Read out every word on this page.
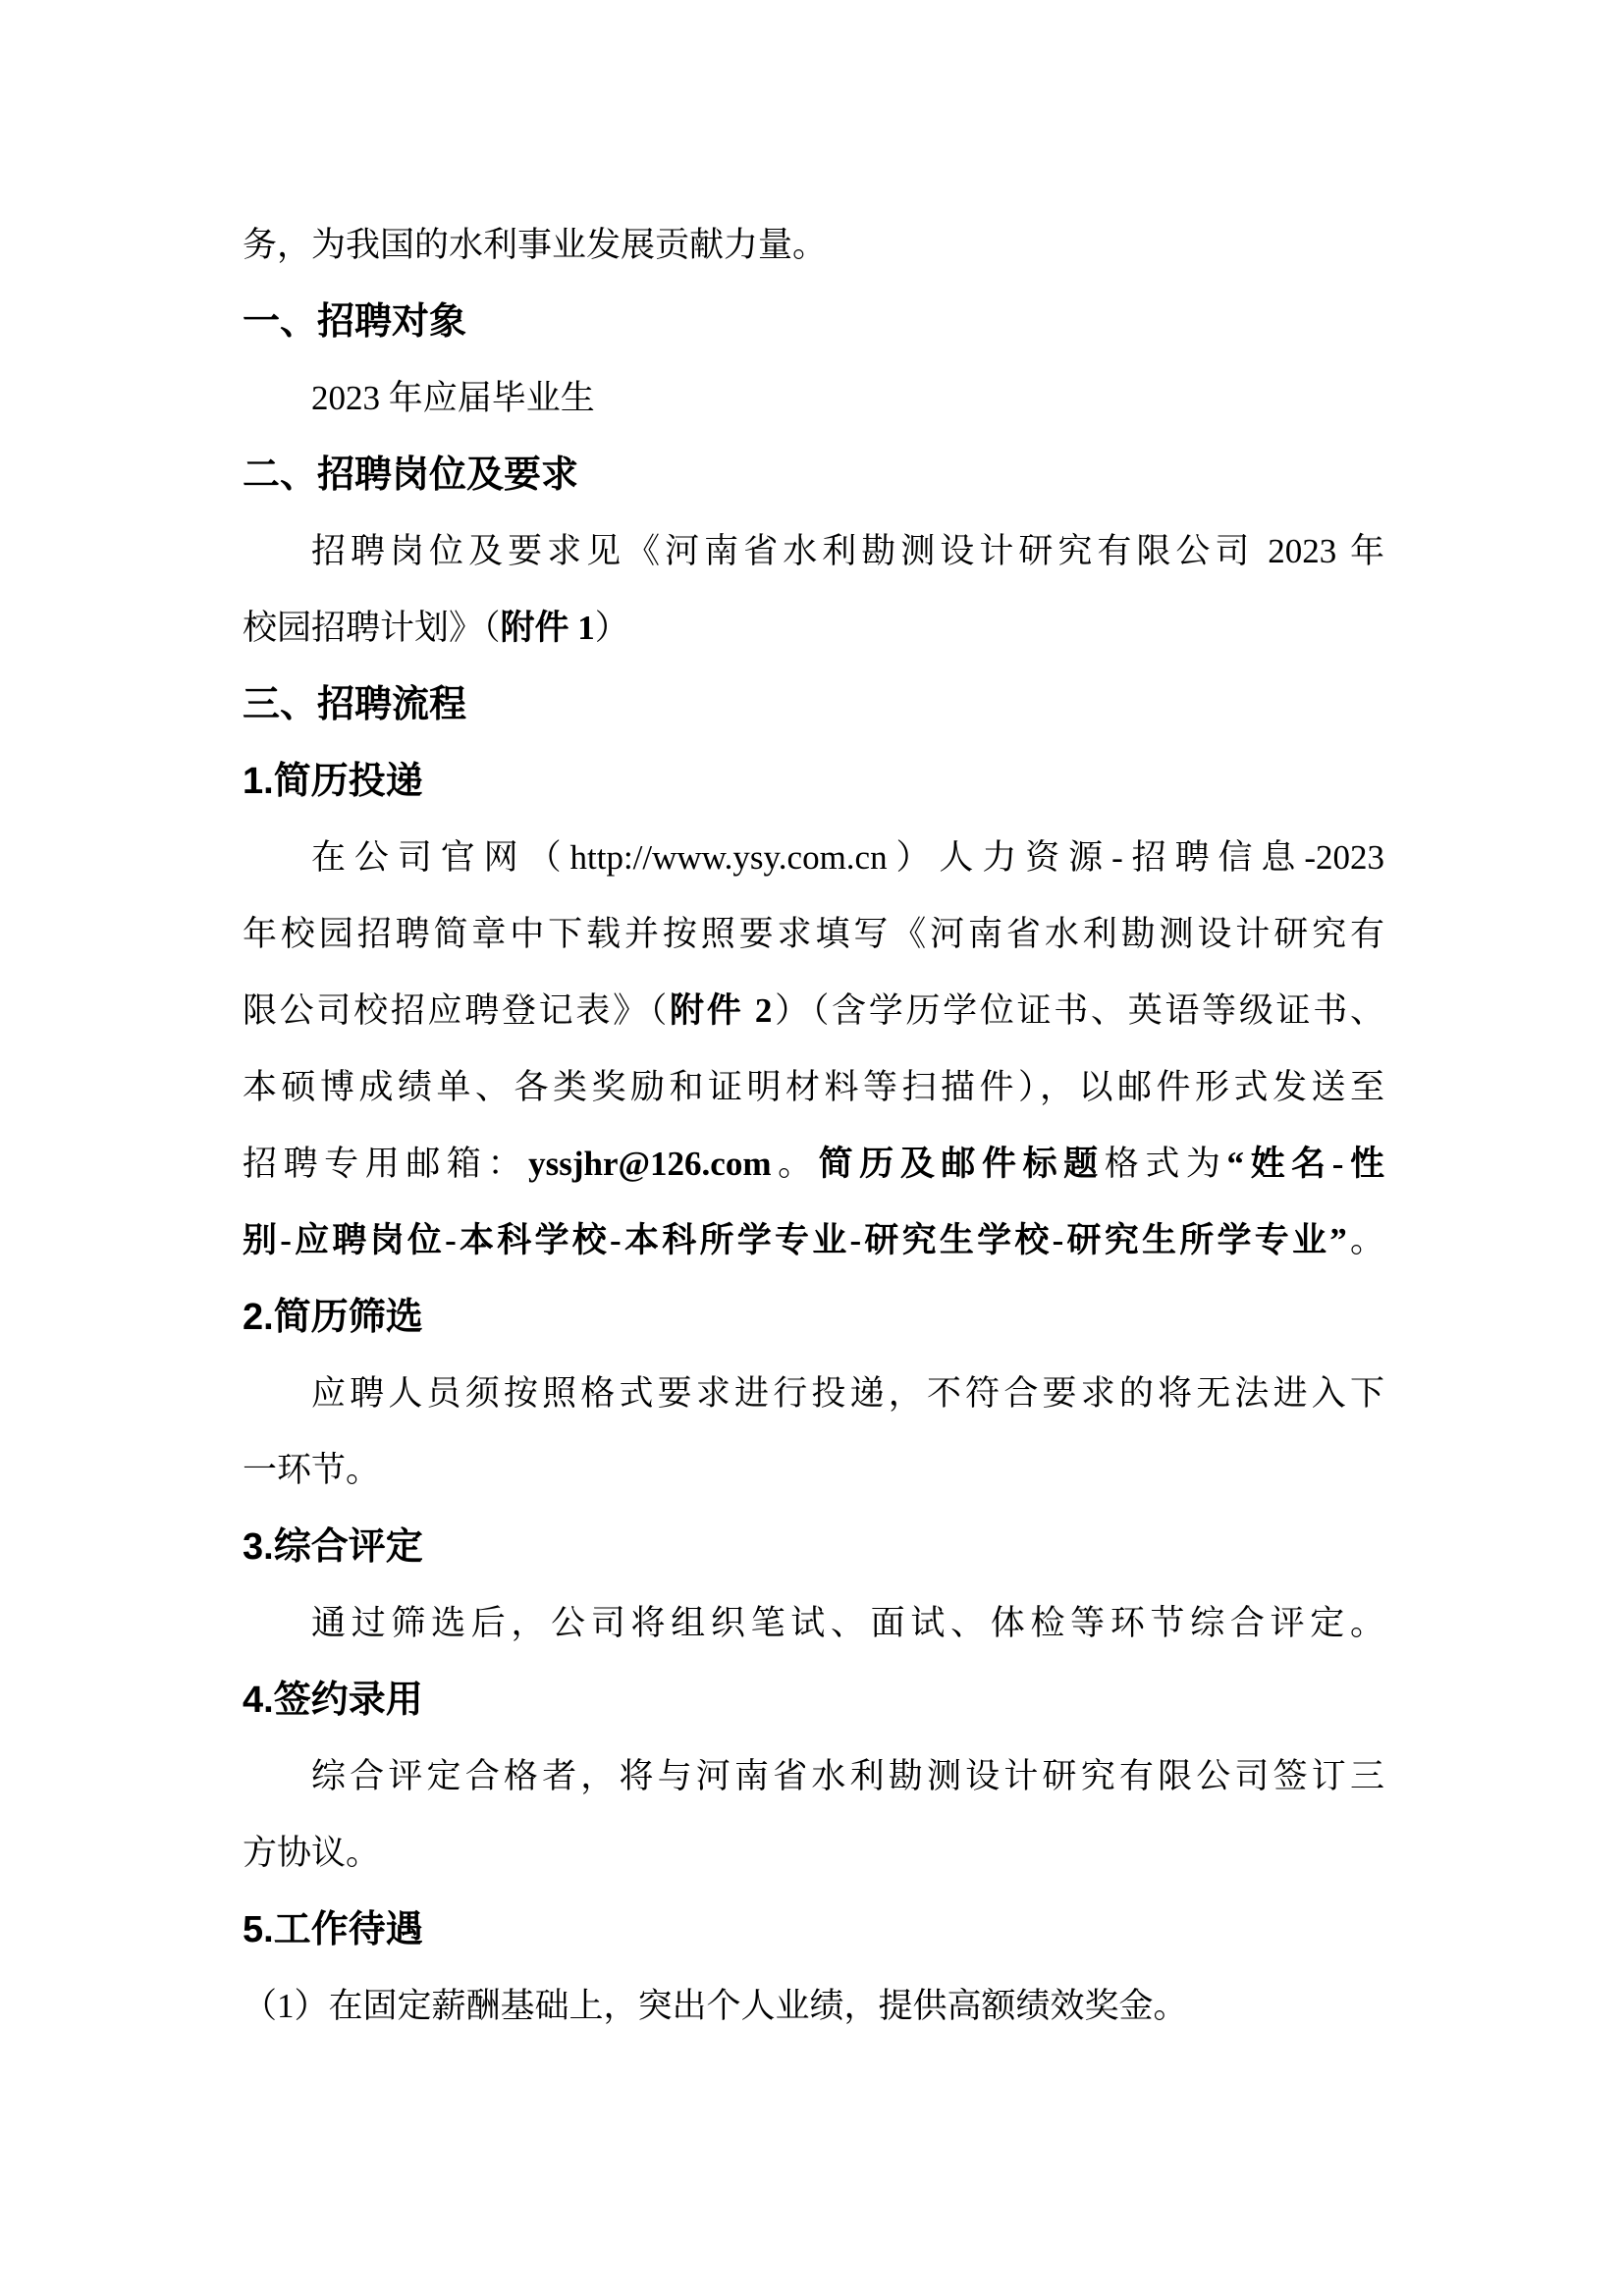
务，为我国的水利事业发展贡献力量。
一、招聘对象
2023 年应届毕业生
二、招聘岗位及要求
招聘岗位及要求见《河南省水利勘测设计研究有限公司 2023 年
校园招聘计划》（附件 1）
三、招聘流程
1.简历投递
在公司官网（http://www.ysy.com.cn）人力资源-招聘信息-2023
年校园招聘简章中下载并按照要求填写《河南省水利勘测设计研究有
限公司校招应聘登记表》（附件 2）（含学历学位证书、英语等级证书、
本硕博成绩单、各类奖励和证明材料等扫描件），以邮件形式发送至
招聘专用邮箱：yssjhr@126.com。简历及邮件标题格式为“姓名-性
别-应聘岗位-本科学校-本科所学专业-研究生学校-研究生所学专业”。
2.简历筛选
应聘人员须按照格式要求进行投递，不符合要求的将无法进入下
一环节。
3.综合评定
通过筛选后，公司将组织笔试、面试、体检等环节综合评定。
4.签约录用
综合评定合格者，将与河南省水利勘测设计研究有限公司签订三
方协议。
5.工作待遇
（1）在固定薪酬基础上，突出个人业绩，提供高额绩效奖金。
